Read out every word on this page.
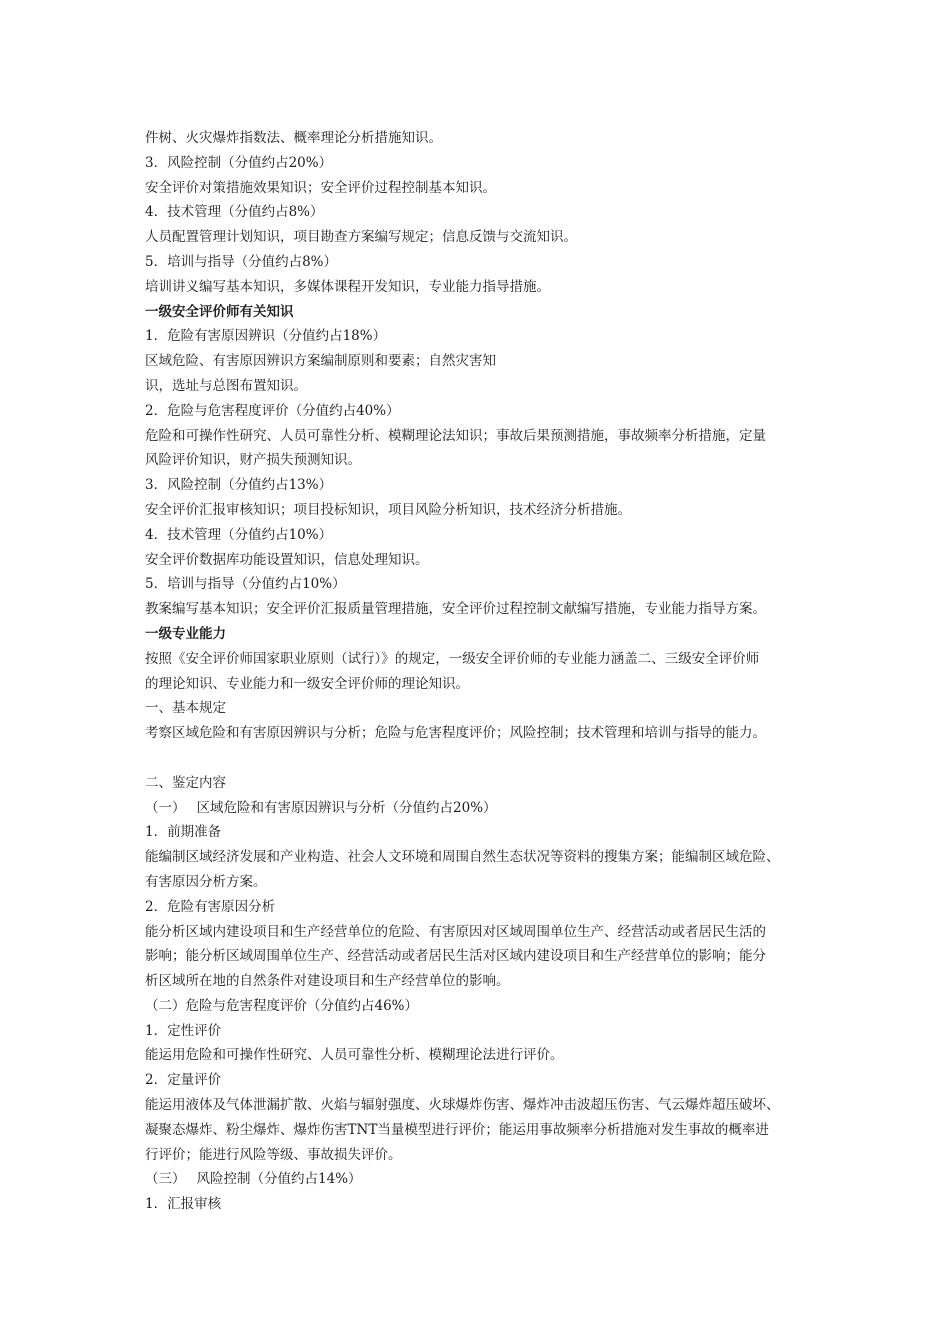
件树、火灾爆炸指数法、概率理论分析措施知识。
3．风险控制（分值约占20%）
安全评价对策措施效果知识；安全评价过程控制基本知识。
4．技术管理（分值约占8%）
人员配置管理计划知识，项目勘查方案编写规定；信息反馈与交流知识。
5．培训与指导（分值约占8%）
培训讲义编写基本知识，多媒体课程开发知识，专业能力指导措施。
一级安全评价师有关知识
1．危险有害原因辨识（分值约占18%）
区域危险、有害原因辨识方案编制原则和要素；自然灾害知
识，选址与总图布置知识。
2．危险与危害程度评价（分值约占40%）
危险和可操作性研究、人员可靠性分析、模糊理论法知识；事故后果预测措施，事故频率分析措施，定量
风险评价知识，财产损失预测知识。
3．风险控制（分值约占13%）
安全评价汇报审核知识；项目投标知识，项目风险分析知识，技术经济分析措施。
4．技术管理（分值约占10%）
安全评价数据库功能设置知识，信息处理知识。
5．培训与指导（分值约占10%）
教案编写基本知识；安全评价汇报质量管理措施，安全评价过程控制文献编写措施，专业能力指导方案。
一级专业能力
按照《安全评价师国家职业原则（试行）》的规定，一级安全评价师的专业能力涵盖二、三级安全评价师
的理论知识、专业能力和一级安全评价师的理论知识。
一、基本规定
考察区域危险和有害原因辨识与分析；危险与危害程度评价；风险控制；技术管理和培训与指导的能力。
二、鉴定内容
（一）　 区域危险和有害原因辨识与分析（分值约占20%）
1．前期准备
能编制区域经济发展和产业构造、社会人文环境和周围自然生态状况等资料的搜集方案；能编制区域危险、
有害原因分析方案。
2．危险有害原因分析
能分析区域内建设项目和生产经营单位的危险、有害原因对区域周围单位生产、经营活动或者居民生活的
影响；能分析区域周围单位生产、经营活动或者居民生活对区域内建设项目和生产经营单位的影响；能分
析区域所在地的自然条件对建设项目和生产经营单位的影响。
（二）危险与危害程度评价（分值约占46%）
1．定性评价
能运用危险和可操作性研究、人员可靠性分析、模糊理论法进行评价。
2．定量评价
能运用液体及气体泄漏扩散、火焰与辐射强度、火球爆炸伤害、爆炸冲击波超压伤害、气云爆炸超压破坏、
凝聚态爆炸、粉尘爆炸、爆炸伤害TNT当量模型进行评价；能运用事故频率分析措施对发生事故的概率进
行评价；能进行风险等级、事故损失评价。
（三）　 风险控制（分值约占14%）
1．汇报审核
